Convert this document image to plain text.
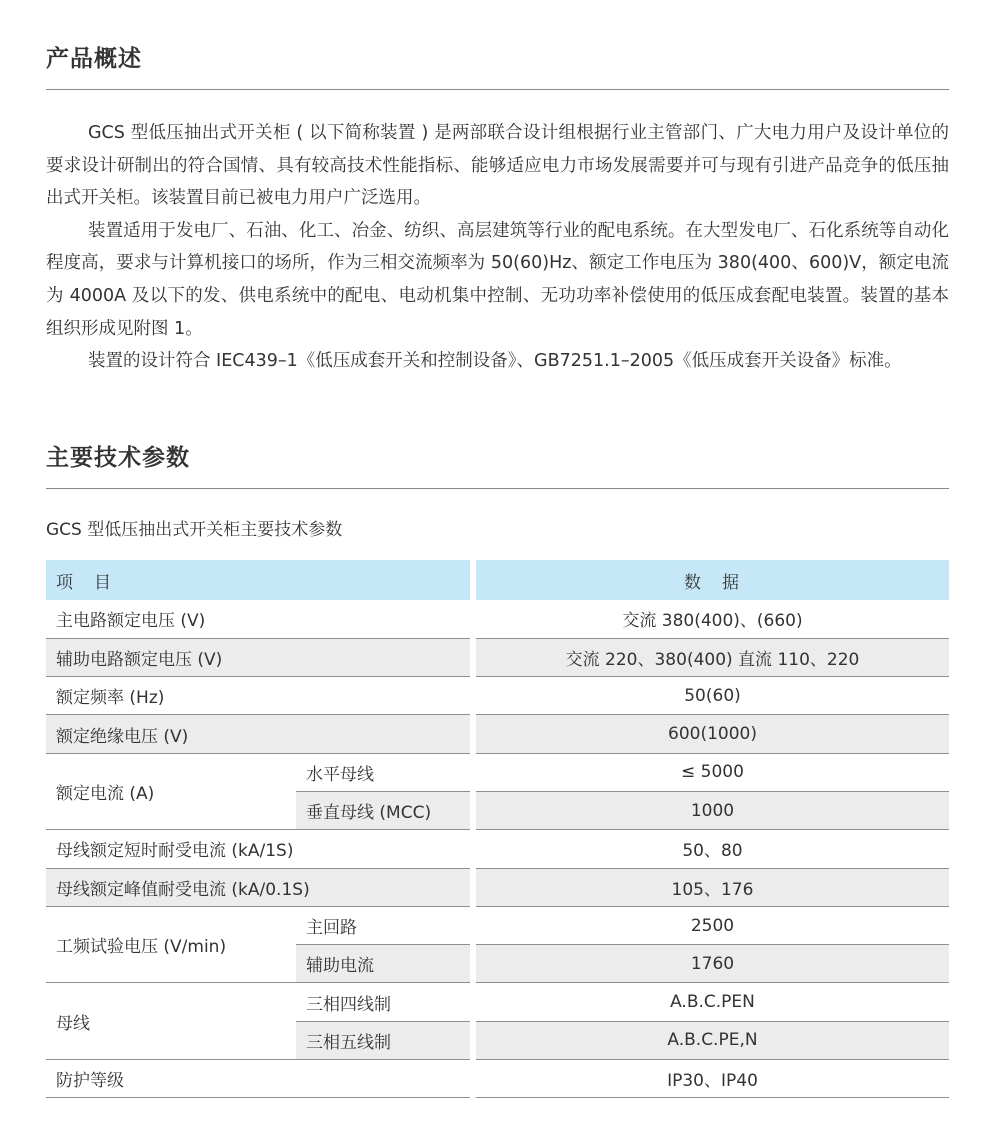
产品概述

GCS 型低压抽出式开关柜 ( 以下简称装置 ) 是两部联合设计组根据行业主管部门、广大电力用户及设计单位的要求设计研制出的符合国情、具有较高技术性能指标、能够适应电力市场发展需要并可与现有引进产品竞争的低压抽出式开关柜。该装置目前已被电力用户广泛选用。

装置适用于发电厂、石油、化工、冶金、纺织、高层建筑等行业的配电系统。在大型发电厂、石化系统等自动化程度高，要求与计算机接口的场所，作为三相交流频率为 50(60)Hz、额定工作电压为 380(400、600)V，额定电流为 4000A 及以下的发、供电系统中的配电、电动机集中控制、无功功率补偿使用的低压成套配电装置。装置的基本组织形成见附图 1。

装置的设计符合 IEC439–1《低压成套开关和控制设备》、GB7251.1–2005《低压成套开关设备》标准。

主要技术参数

GCS 型低压抽出式开关柜主要技术参数

项　目		数　据
主电路额定电压 (V)		交流 380(400)、(660)
辅助电路额定电压 (V)		交流 220、380(400) 直流 110、220
额定频率 (Hz)		50(60)
额定绝缘电压 (V)		600(1000)
额定电流 (A)	水平母线	≤ 5000
	垂直母线 (MCC)	1000
母线额定短时耐受电流 (kA/1S)		50、80
母线额定峰值耐受电流 (kA/0.1S)		105、176
工频试验电压 (V/min)	主回路	2500
	辅助电流	1760
母线	三相四线制	A.B.C.PEN
	三相五线制	A.B.C.PE,N
防护等级		IP30、IP40
